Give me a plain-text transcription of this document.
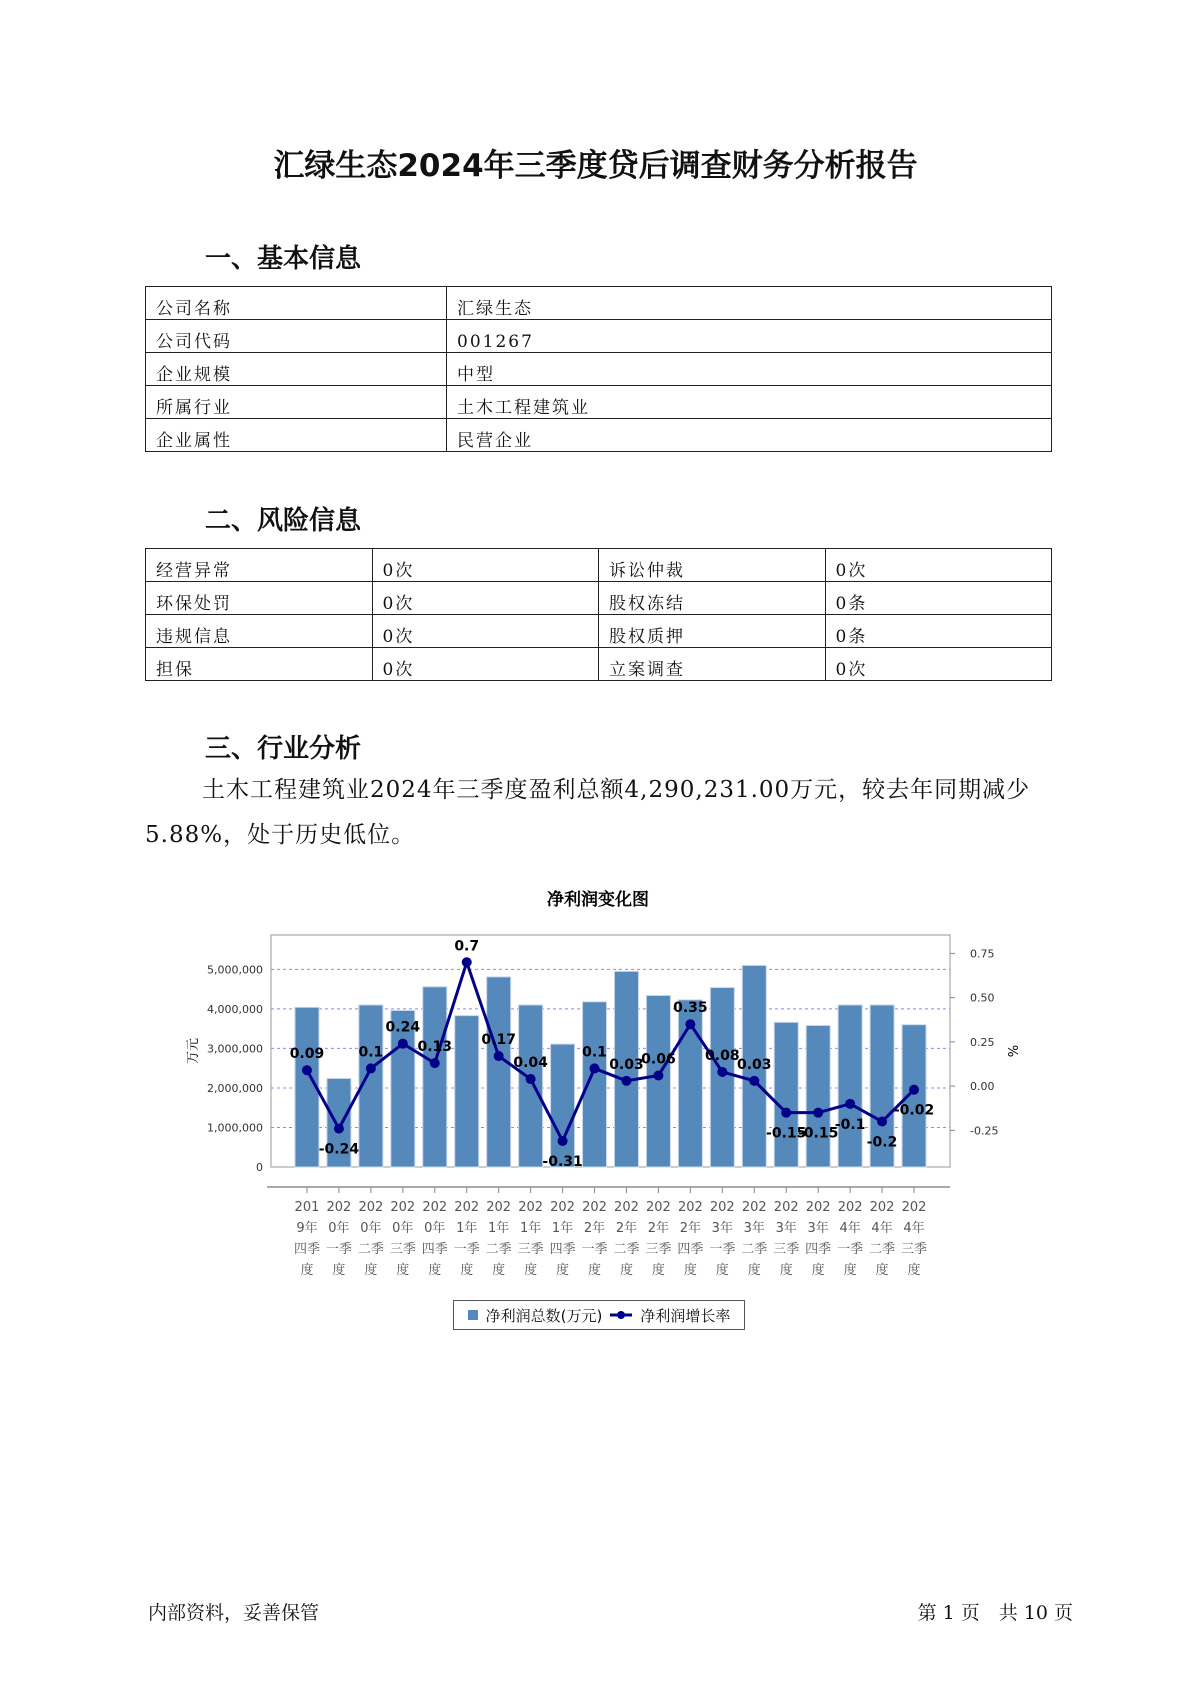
汇绿生态2024年三季度贷后调查财务分析报告
一、基本信息
公司名称	汇绿生态
公司代码	001267
企业规模	中型
所属行业	土木工程建筑业
企业属性	民营企业
二、风险信息
经营异常	0次	诉讼仲裁	0次
环保处罚	0次	股权冻结	0条
违规信息	0次	股权质押	0条
担保	0次	立案调查	0次
三、行业分析
土木工程建筑业2024年三季度盈利总额4,290,231.00万元，较去年同期减少5.88%，处于历史低位。
净利润变化图
0
1,000,000
2,000,000
3,000,000
4,000,000
5,000,000
-0.25
0.00
0.25
0.50
0.75
万元	%
0.09
-0.24
0.1
0.24
0.13
0.7
0.17
0.04
-0.31
0.1
0.03
0.06
0.35
0.08
0.03
-0.15
-0.15
-0.1
-0.2
-0.02
2019年四季度
2020年一季度
2020年二季度
2020年三季度
2020年四季度
2021年一季度
2021年二季度
2021年三季度
2021年四季度
2022年一季度
2022年二季度
2022年三季度
2022年四季度
2023年一季度
2023年二季度
2023年三季度
2023年四季度
2024年一季度
2024年二季度
2024年三季度
净利润总数(万元)	净利润增长率
内部资料，妥善保管	第 1 页　共 10 页
